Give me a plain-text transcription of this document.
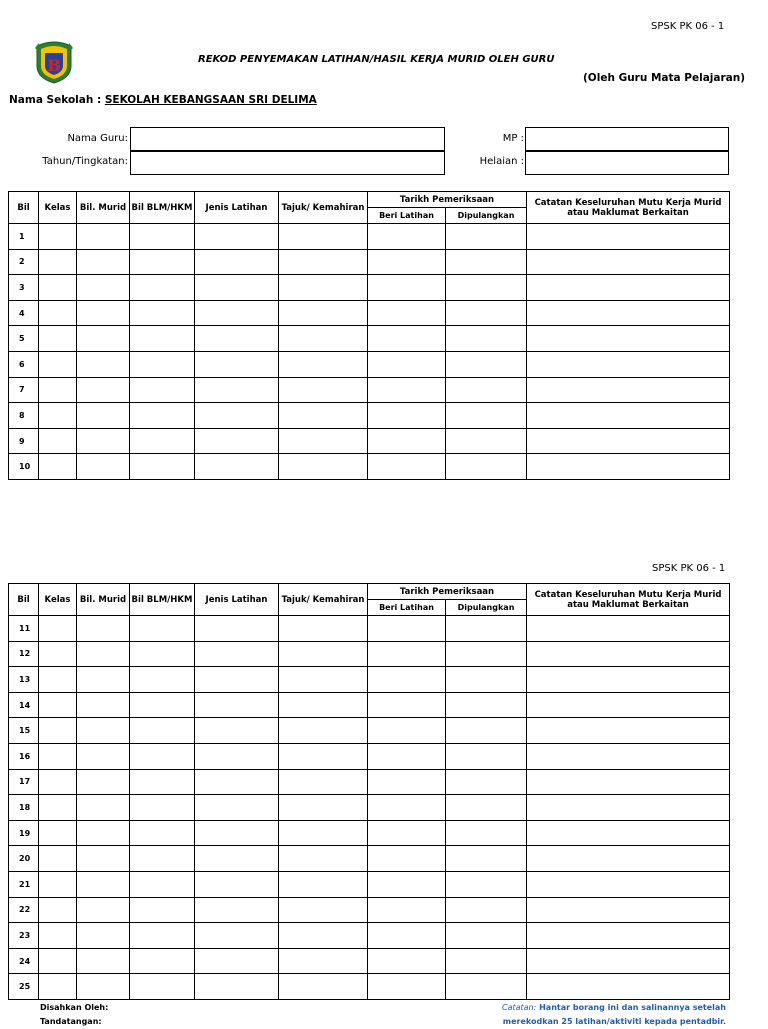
SPSK PK 06 - 1
B	REKOD PENYEMAKAN LATIHAN/HASIL KERJA MURID OLEH GURU
(Oleh Guru Mata Pelajaran)
Nama Sekolah : SEKOLAH KEBANGSAAN SRI DELIMA
Nama Guru:
Tahun/Tingkatan:
MP :
Helaian :
Bil	Kelas	Bil. Murid	Bil BLM/HKM	Jenis Latihan	Tajuk/ Kemahiran	Tarikh Pemeriksaan		Catatan Keseluruhan Mutu Kerja Murid atau Maklumat Berkaitan
						Beri Latihan	Dipulangkan	
1								
2								
3								
4								
5								
6								
7								
8								
9								
10								
SPSK PK 06 - 1
Bil	Kelas	Bil. Murid	Bil BLM/HKM	Jenis Latihan	Tajuk/ Kemahiran	Tarikh Pemeriksaan		Catatan Keseluruhan Mutu Kerja Murid atau Maklumat Berkaitan
						Beri Latihan	Dipulangkan	
11								
12								
13								
14								
15								
16								
17								
18								
19								
20								
21								
22								
23								
24								
25								
Disahkan Oleh:
Tandatangan:
Catatan: Hantar borang ini dan salinannya setelah
merekodkan 25 latihan/aktiviti kepada pentadbir.
